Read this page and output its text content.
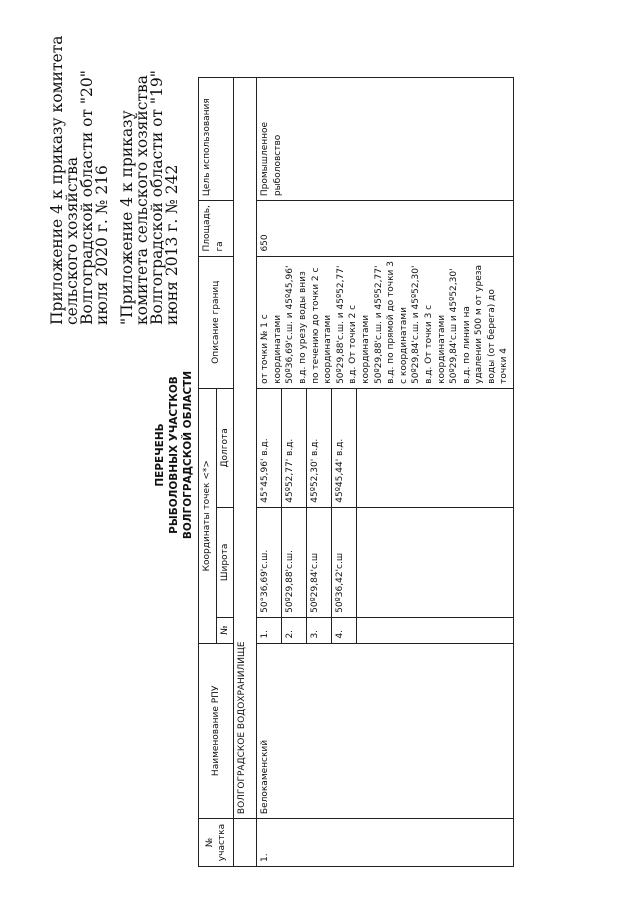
Приложение 4 к приказу комитета сельского хозяйства Волгоградской области от "20" июля 2020 г. № 216 "Приложение 4 к приказу комитета сельского хозяйства Волгоградской области от "19" июня 2013 г. № 242

ПЕРЕЧЕНЬ РЫБОЛОВНЫХ УЧАСТКОВ ВОЛГОГРАДСКОЙ ОБЛАСТИ
№ участка	Наименование РПУ	Координаты точек <*>			Описание границ	Площадь, га	Цель использования
		№	Широта	Долгота			
	ВОЛГОГРАДСКОЕ ВОДОХРАНИЛИЩЕ						
1.	Белокаменский	1.	50°36,69'с.ш.	45°45,96' в.д.	от точки № 1 с координатами 50º36,69'с.ш. и 45º45,96' в.д. по урезу воды вниз по течению до точки 2 с координатами 50º29,88'с.ш. и 45º52,77' в.д. От точки 2 с координатами 50º29,88'с.ш. и 45º52,77' в.д. по прямой до точки 3 с координатами 50º29,84'с.ш. и 45º52,30' в.д. От точки 3 с координатами 50º29,84'с.ш и 45º52,30' в.д. по линии на удалении 500 м от уреза воды (от берега) до точки 4	650	Промышленное рыболовство
		2.	50º29,88'с.ш.	45º52,77' в.д.			
		3.	50º29,84'с.ш	45º52,30' в.д.			
		4.	50º36,42'с.ш	45º45,44' в.д.			
